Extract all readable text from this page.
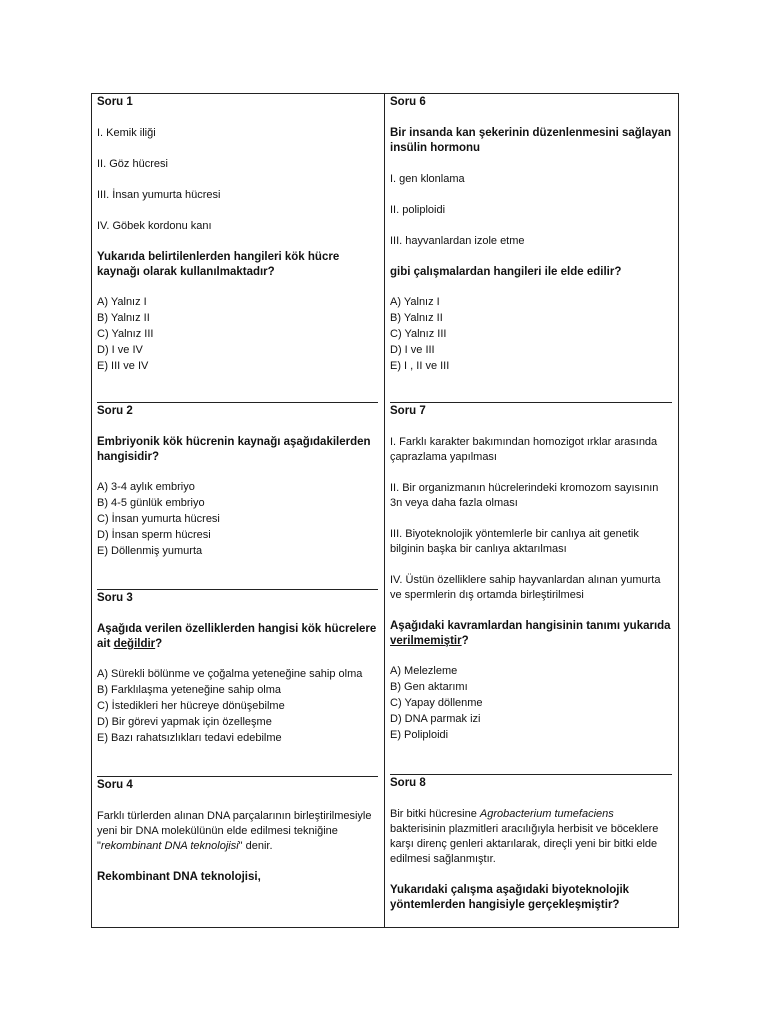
Soru 1

I. Kemik iliği

II. Göz hücresi

III. İnsan yumurta hücresi

IV. Göbek kordonu kanı

Yukarıda belirtilenlerden hangileri kök hücre kaynağı olarak kullanılmaktadır?

A) Yalnız I
B) Yalnız II
C) Yalnız III
D) I ve IV
E) III ve IV

Soru 2

Embriyonik kök hücrenin kaynağı aşağıdakilerden hangisidir?

A) 3-4 aylık embriyo
B) 4-5 günlük embriyo
C) İnsan yumurta hücresi
D) İnsan sperm hücresi
E) Döllenmiş yumurta

Soru 3

Aşağıda verilen özelliklerden hangisi kök hücrelere ait değildir?

A) Sürekli bölünme ve çoğalma yeteneğine sahip olma
B) Farklılaşma yeteneğine sahip olma
C) İstedikleri her hücreye dönüşebilme
D) Bir görevi yapmak için özelleşme
E) Bazı rahatsızlıkları tedavi edebilme

Soru 4

Farklı türlerden alınan DNA parçalarının birleştirilmesiyle yeni bir DNA molekülünün elde edilmesi tekniğine "rekombinant DNA teknolojisi" denir.

Rekombinant DNA teknolojisi,

Soru 6

Bir insanda kan şekerinin düzenlenmesini sağlayan insülin hormonu

I. gen klonlama

II. poliploidi

III. hayvanlardan izole etme

gibi çalışmalardan hangileri ile elde edilir?

A) Yalnız I
B) Yalnız II
C) Yalnız III
D) I ve III
E) I , II ve III

Soru 7

I. Farklı karakter bakımından homozigot ırklar arasında çaprazlama yapılması

II. Bir organizmanın hücrelerindeki kromozom sayısının 3n veya daha fazla olması

III. Biyoteknolojik yöntemlerle bir canlıya ait genetik bilginin başka bir canlıya aktarılması

IV. Üstün özelliklere sahip hayvanlardan alınan yumurta ve spermlerin dış ortamda birleştirilmesi

Aşağıdaki kavramlardan hangisinin tanımı yukarıda verilmemiştir?

A) Melezleme
B) Gen aktarımı
C) Yapay döllenme
D) DNA parmak izi
E) Poliploidi

Soru 8

Bir bitki hücresine Agrobacterium tumefaciens bakterisinin plazmitleri aracılığıyla herbisit ve böceklere karşı direnç genleri aktarılarak, direçli yeni bir bitki elde edilmesi sağlanmıştır.

Yukarıdaki çalışma aşağıdaki biyoteknolojik yöntemlerden hangisiyle gerçekleşmiştir?
